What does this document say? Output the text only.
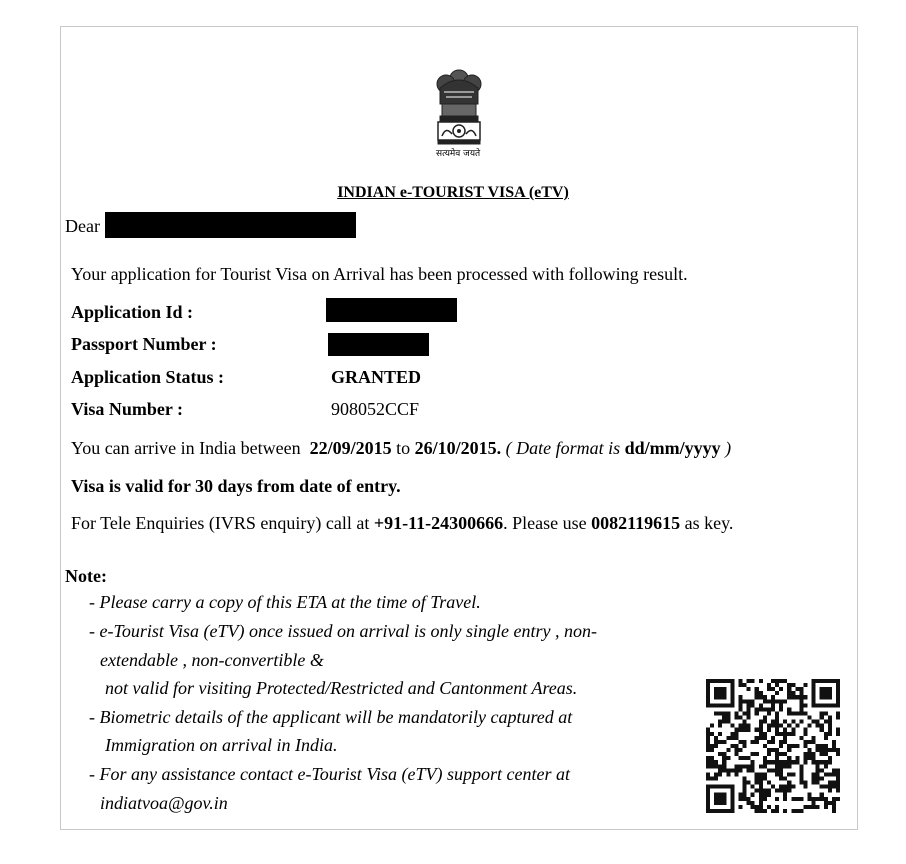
सत्यमेव जयते
INDIAN e-TOURIST VISA (eTV)
Dear
Your application for Tourist Visa on Arrival has been processed with following result.
Application Id :
Passport Number :
Application Status :	GRANTED
Visa Number :	908052CCF
You can arrive in India between 22/09/2015 to 26/10/2015. ( Date format is dd/mm/yyyy )
Visa is valid for 30 days from date of entry.
For Tele Enquiries (IVRS enquiry) call at +91-11-24300666. Please use 0082119615 as key.
Note:
- Please carry a copy of this ETA at the time of Travel.
- e-Tourist Visa (eTV) once issued on arrival is only single entry , non-
extendable , non-convertible &
not valid for visiting Protected/Restricted and Cantonment Areas.
- Biometric details of the applicant will be mandatorily captured at
Immigration on arrival in India.
- For any assistance contact e-Tourist Visa (eTV) support center at
indiatvoa@gov.in
